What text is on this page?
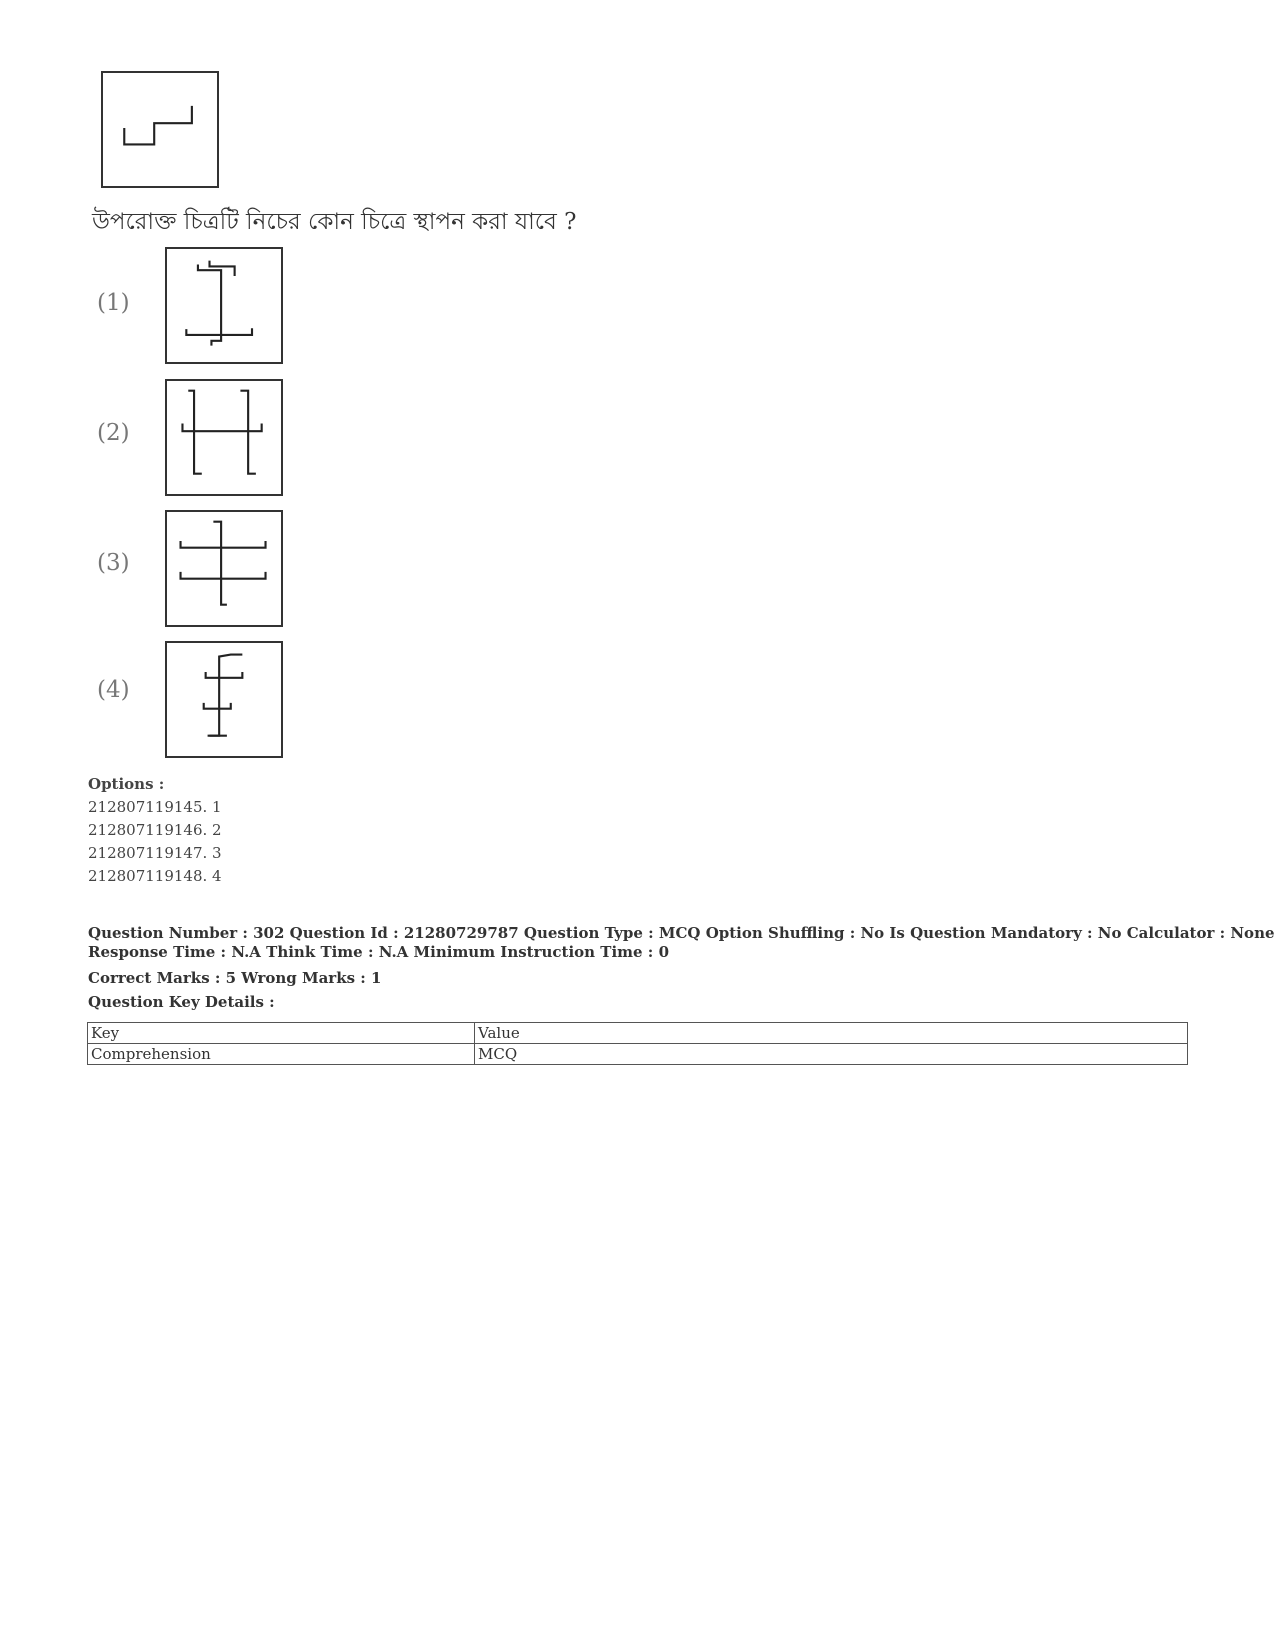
উপরোক্ত চিত্রটি নিচের কোন চিত্রে স্থাপন করা যাবে ?
(1)
(2)
(3)
(4)
Options :
212807119145. 1
212807119146. 2
212807119147. 3
212807119148. 4
Question Number : 302 Question Id : 21280729787 Question Type : MCQ Option Shuffling : No Is Question Mandatory : No Calculator : None
Response Time : N.A Think Time : N.A Minimum Instruction Time : 0
Correct Marks : 5 Wrong Marks : 1
Question Key Details :
Key	Value
Comprehension	MCQ
